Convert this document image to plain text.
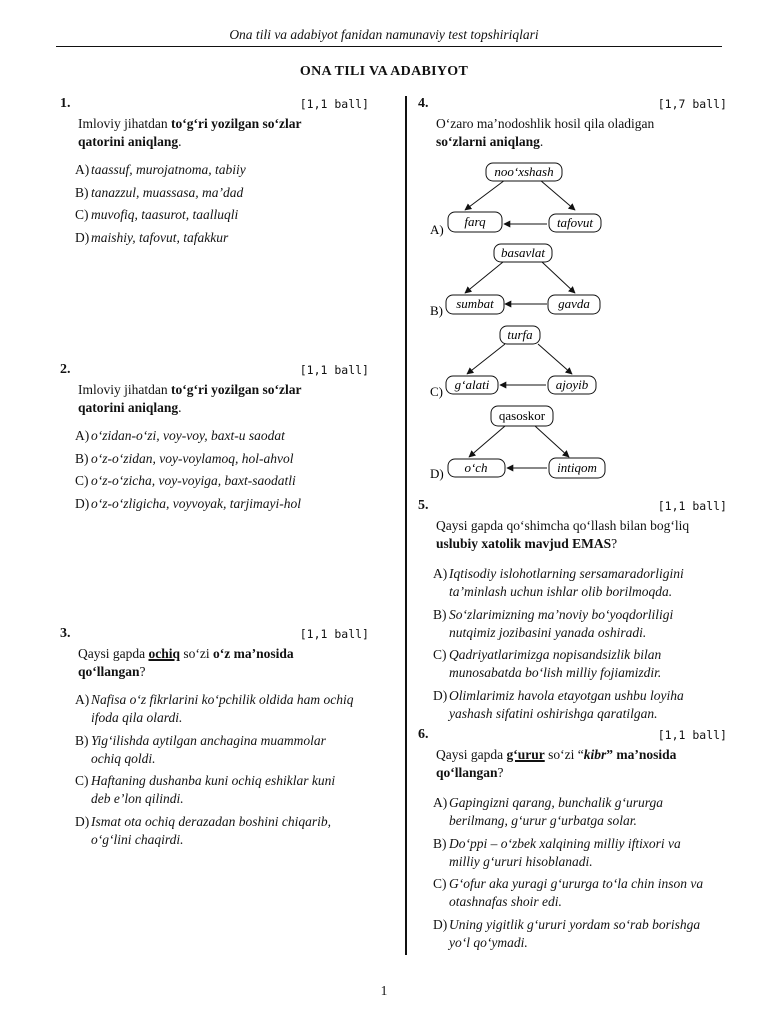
Ona tili va adabiyot fanidan namunaviy test topshiriqlari
ONA TILI VA ADABIYOT
1.	[1,1 ball]
Imloviy jihatdan to‘g‘ri yozilgan so‘zlar
qatorini aniqlang.
A) taassuf, murojatnoma, tabiiy
B) tanazzul, muassasa, ma’dad
C) muvofiq, taasurot, taalluqli
D) maishiy, tafovut, tafakkur
2.	[1,1 ball]
Imloviy jihatdan to‘g‘ri yozilgan so‘zlar
qatorini aniqlang.
A) o‘zidan-o‘zi, voy-voy, baxt-u saodat
B) o‘z-o‘zidan, voy-voylamoq, hol-ahvol
C) o‘z-o‘zicha, voy-voyiga, baxt-saodatli
D) o‘z-o‘zligicha, voyvoyak, tarjimayi-hol
3.	[1,1 ball]
Qaysi gapda ochiq so‘zi o‘z ma’nosida
qo‘llangan?
A) Nafisa o‘z fikrlarini ko‘pchilik oldida ham ochiq ifoda qila olardi.
B) Yig‘ilishda aytilgan anchagina muammolar ochiq qoldi.
C) Haftaning dushanba kuni ochiq eshiklar kuni deb e’lon qilindi.
D) Ismat ota ochiq derazadan boshini chiqarib, o‘g‘lini chaqirdi.
4.	[1,7 ball]
O‘zaro ma’nodoshlik hosil qila oladigan
so‘zlarni aniqlang.
A)
noo‘xshash
farq	tafovut
B)
basavlat
sumbat	gavda
C)
turfa
g‘alati	ajoyib
D)
qasoskor
o‘ch	intiqom
5.	[1,1 ball]
Qaysi gapda qo‘shimcha qo‘llash bilan bog‘liq
uslubiy xatolik mavjud EMAS?
A) Iqtisodiy islohotlarning sersamaradorligini ta’minlash uchun ishlar olib borilmoqda.
B) So‘zlarimizning ma’noviy bo‘yoqdorliligi nutqimiz jozibasini yanada oshiradi.
C) Qadriyatlarimizga nopisandsizlik bilan munosabatda bo‘lish milliy fojiamizdir.
D) Olimlarimiz havola etayotgan ushbu loyiha yashash sifatini oshirishga qaratilgan.
6.	[1,1 ball]
Qaysi gapda g‘urur so‘zi “kibr” ma’nosida
qo‘llangan?
A) Gapingizni qarang, bunchalik g‘ururga berilmang, g‘urur g‘urbatga solar.
B) Do‘ppi – o‘zbek xalqining milliy iftixori va milliy g‘ururi hisoblanadi.
C) G‘ofur aka yuragi g‘ururga to‘la chin inson va otashnafas shoir edi.
D) Uning yigitlik g‘ururi yordam so‘rab borishga yo‘l qo‘ymadi.
1
